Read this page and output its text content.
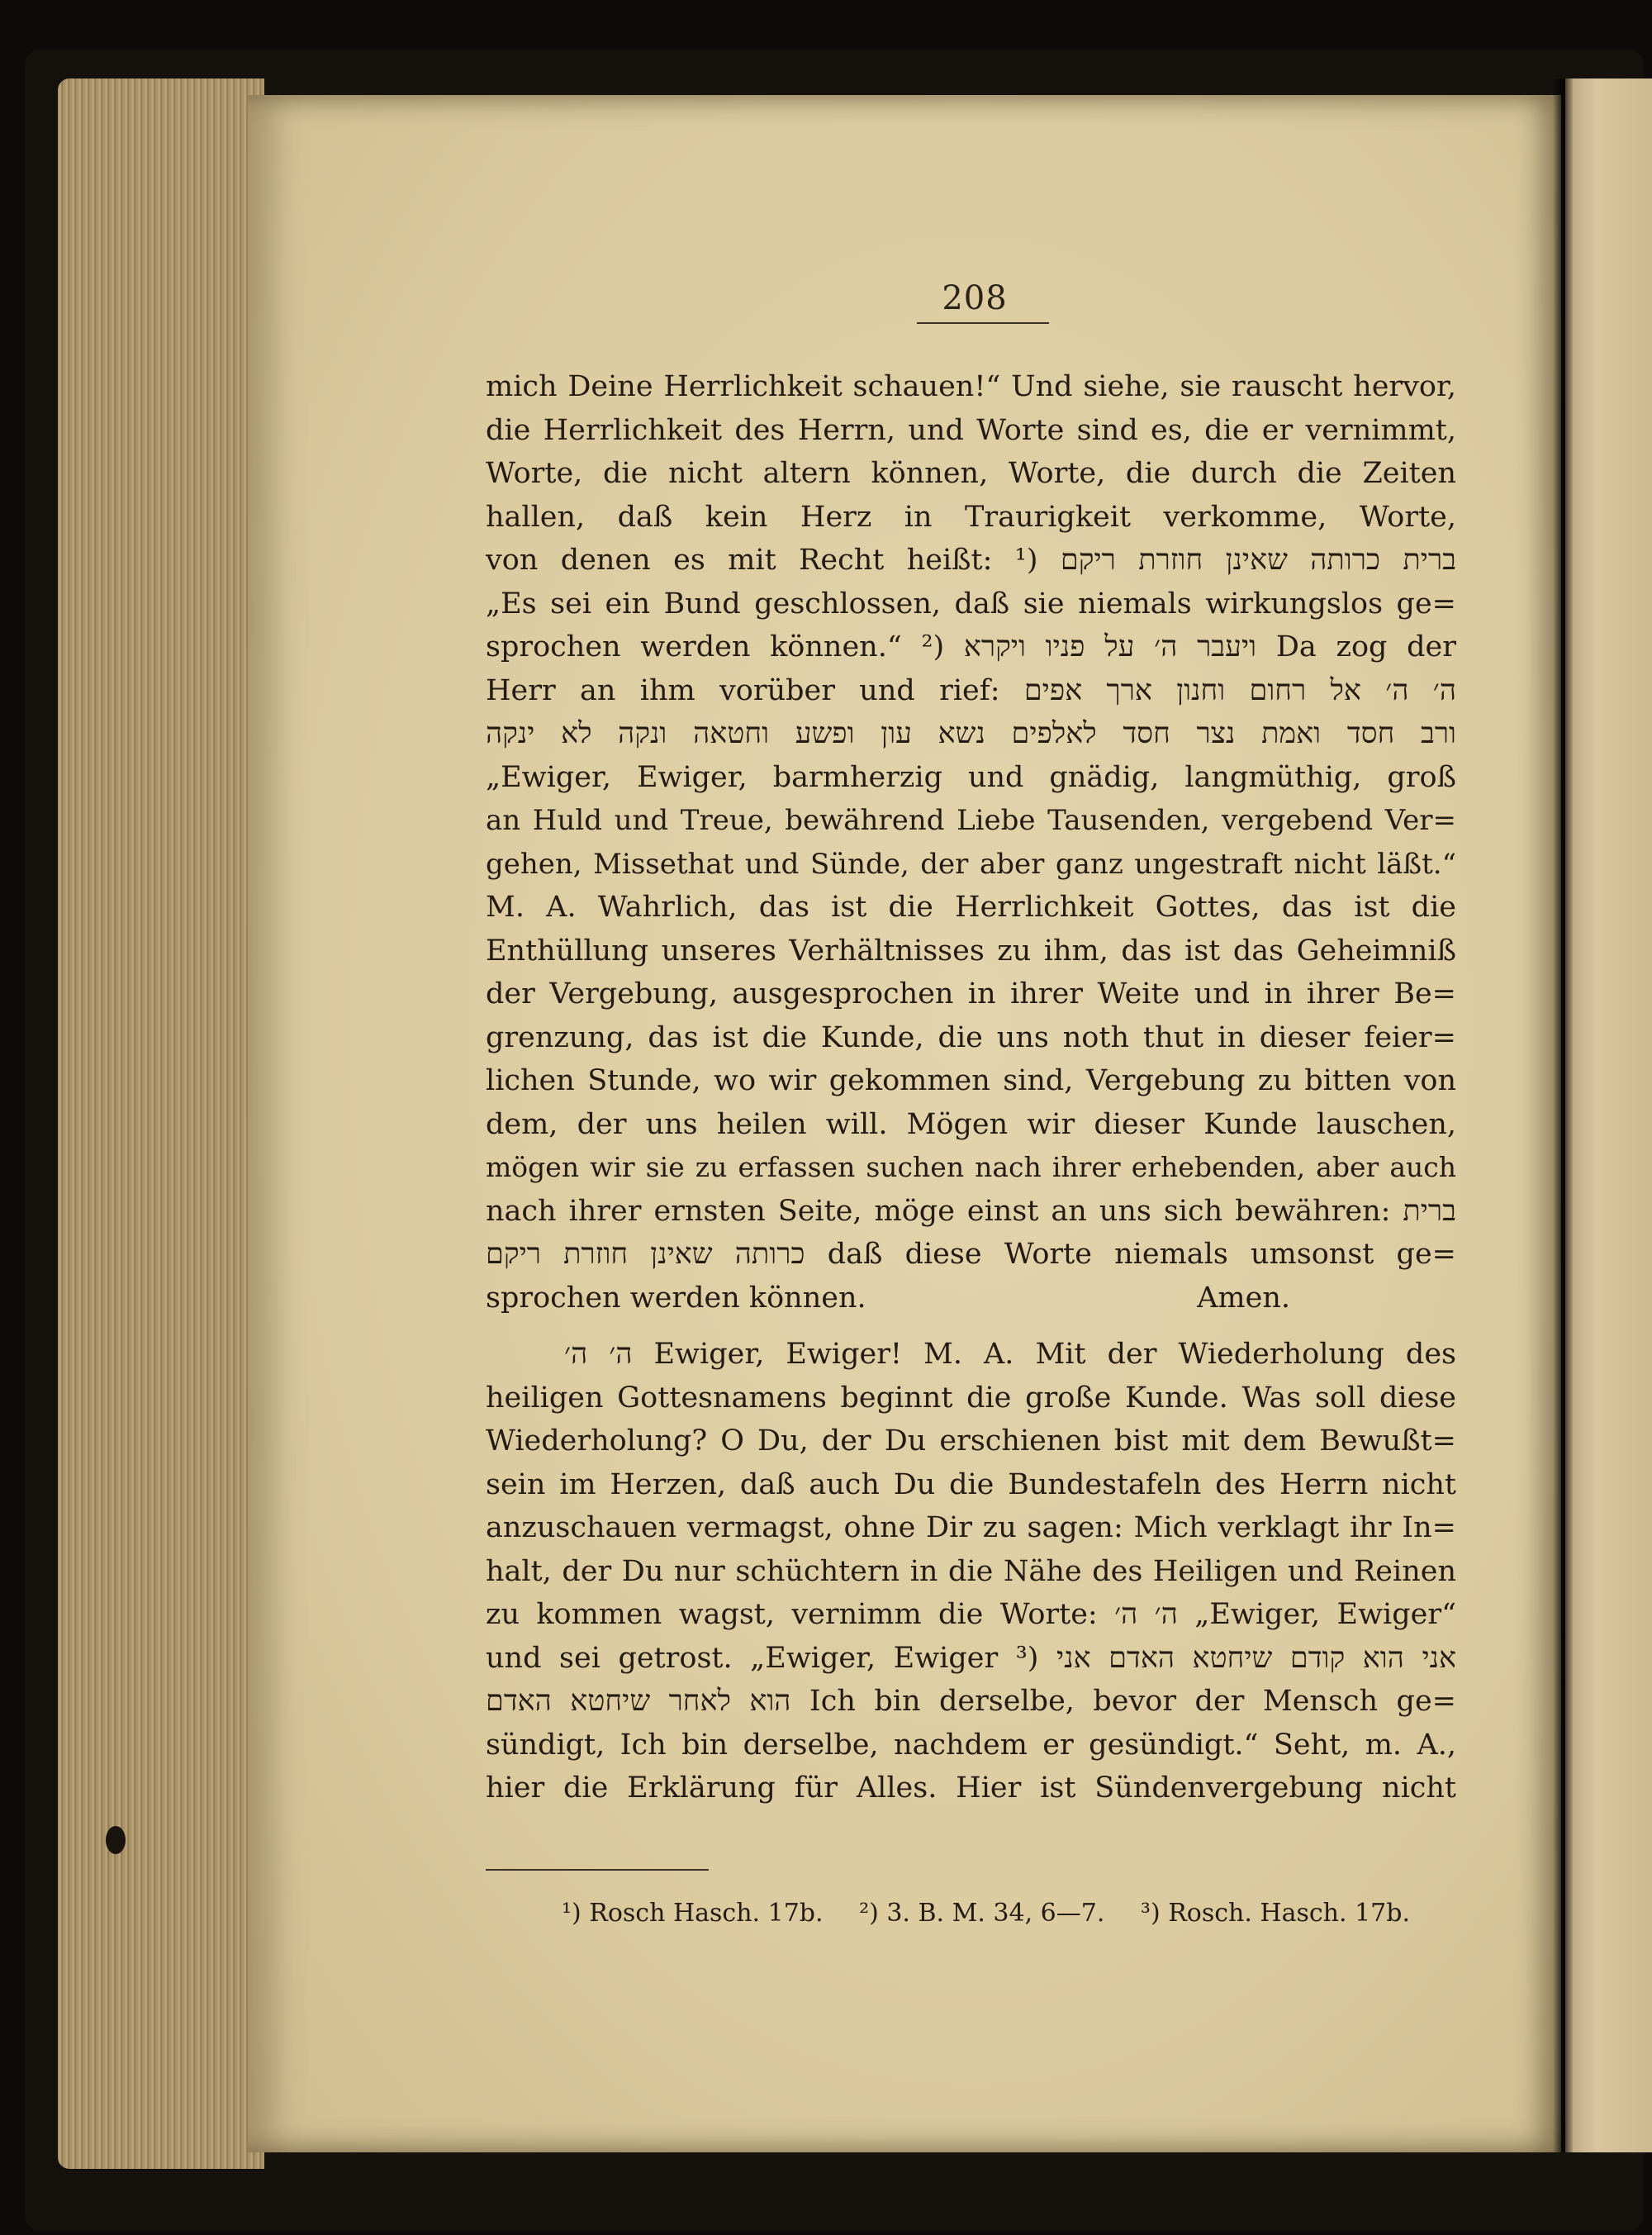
208
mich Deine Herrlichkeit schauen!“ Und siehe, sie rauscht hervor,
die Herrlichkeit des Herrn, und Worte sind es, die er vernimmt,
Worte, die nicht altern können, Worte, die durch die Zeiten
hallen, daß kein Herz in Traurigkeit verkomme, Worte,
von denen es mit Recht heißt: ¹) ברית כרותה שאינן חוזרת ריקם
„Es sei ein Bund geschlossen, daß sie niemals wirkungslos ge=
sprochen werden können.“ ²) ויעבר ה׳ על פניו ויקרא Da zog der
Herr an ihm vorüber und rief: ה׳ ה׳ אל רחום וחנון ארך אפים
ורב חסד ואמת נצר חסד לאלפים נשא עון ופשע וחטאה ונקה לא ינקה
„Ewiger, Ewiger, barmherzig und gnädig, langmüthig, groß
an Huld und Treue, bewährend Liebe Tausenden, vergebend Ver=
gehen, Missethat und Sünde, der aber ganz ungestraft nicht läßt.“
M. A. Wahrlich, das ist die Herrlichkeit Gottes, das ist die
Enthüllung unseres Verhältnisses zu ihm, das ist das Geheimniß
der Vergebung, ausgesprochen in ihrer Weite und in ihrer Be=
grenzung, das ist die Kunde, die uns noth thut in dieser feier=
lichen Stunde, wo wir gekommen sind, Vergebung zu bitten von
dem, der uns heilen will. Mögen wir dieser Kunde lauschen,
mögen wir sie zu erfassen suchen nach ihrer erhebenden, aber auch
nach ihrer ernsten Seite, möge einst an uns sich bewähren: ברית
כרותה שאינן חוזרת ריקם daß diese Worte niemals umsonst ge=
sprochen werden können.                                    Amen.
ה׳ ה׳ Ewiger, Ewiger! M. A. Mit der Wiederholung des
heiligen Gottesnamens beginnt die große Kunde. Was soll diese
Wiederholung? O Du, der Du erschienen bist mit dem Bewußt=
sein im Herzen, daß auch Du die Bundestafeln des Herrn nicht
anzuschauen vermagst, ohne Dir zu sagen: Mich verklagt ihr In=
halt, der Du nur schüchtern in die Nähe des Heiligen und Reinen
zu kommen wagst, vernimm die Worte: ה׳ ה׳ „Ewiger, Ewiger“
und sei getrost. „Ewiger, Ewiger ³) אני הוא קודם שיחטא האדם אני
הוא לאחר שיחטא האדם Ich bin derselbe, bevor der Mensch ge=
sündigt, Ich bin derselbe, nachdem er gesündigt.“ Seht, m. A.,
hier die Erklärung für Alles. Hier ist Sündenvergebung nicht
¹) Rosch Hasch. 17b. ²) 3. B. M. 34, 6—7. ³) Rosch. Hasch. 17b.
